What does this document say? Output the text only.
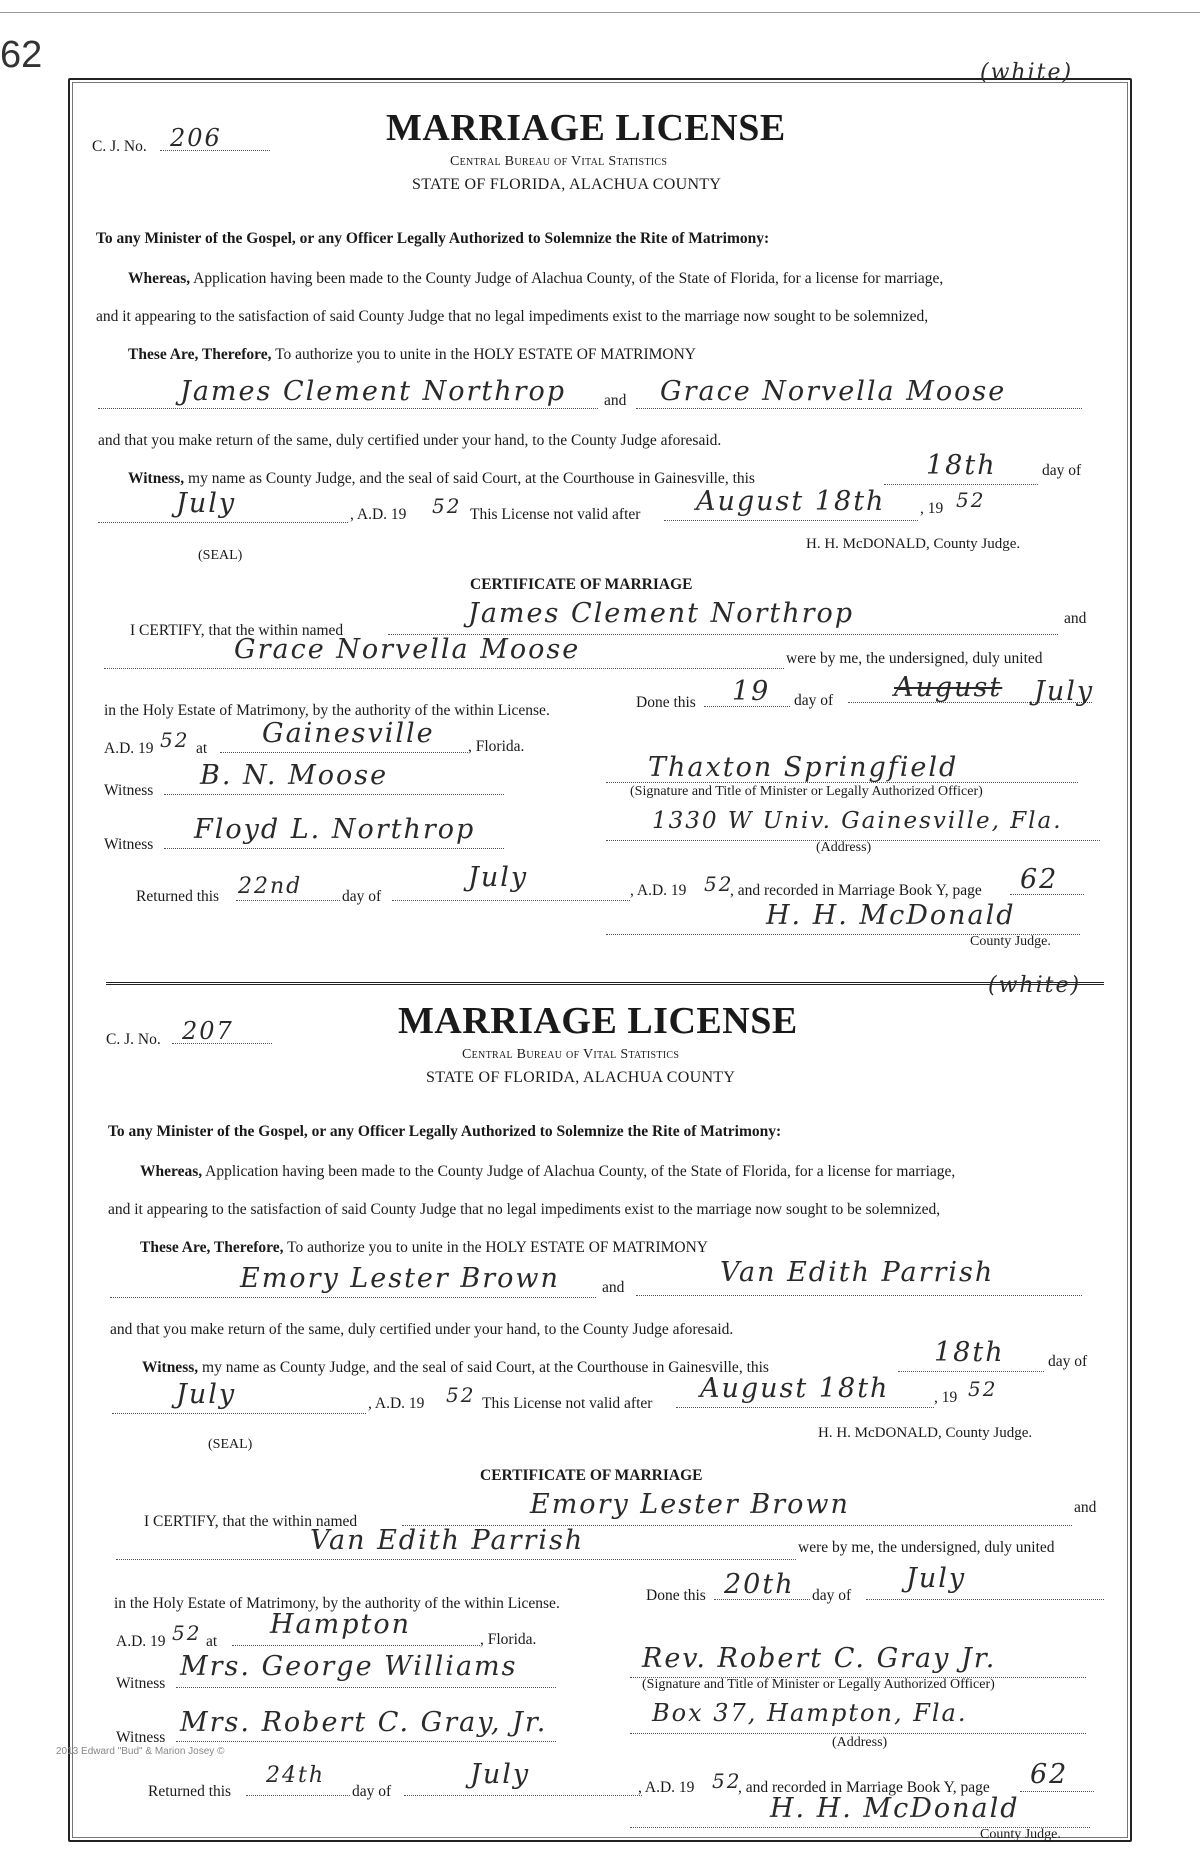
62	(white)
C. J. No. 206	MARRIAGE LICENSE
Central Bureau of Vital Statistics
STATE OF FLORIDA, ALACHUA COUNTY
To any Minister of the Gospel, or any Officer Legally Authorized to Solemnize the Rite of Matrimony:
Whereas, Application having been made to the County Judge of Alachua County, of the State of Florida, for a license for marriage,
and it appearing to the satisfaction of said County Judge that no legal impediments exist to the marriage now sought to be solemnized,
These Are, Therefore, To authorize you to unite in the HOLY ESTATE OF MATRIMONY
James Clement Northrop and Grace Norvella Moose
and that you make return of the same, duly certified under your hand, to the County Judge aforesaid.
Witness, my name as County Judge, and the seal of said Court, at the Courthouse in Gainesville, this	18th	day of
July	, A.D. 19 52 This License not valid after August 18th , 19 52
(SEAL)
H. H. McDONALD, County Judge.
CERTIFICATE OF MARRIAGE
I CERTIFY, that the within named
James Clement Northrop	and
Grace Norvella Moose	were by me, the undersigned, duly united
in the Holy Estate of Matrimony, by the authority of the within License.	Done this 19 day of August July
A.D. 19 52 at Gainesville , Florida.
Witness B. N. Moose	Thaxton Springfield
(Signature and Title of Minister or Legally Authorized Officer)
Witness Floyd L. Northrop	1330 W Univ. Gainesville, Fla.
(Address)
Returned this 22nd	day of
July	, A.D. 19 52
, and recorded in Marriage Book Y, page 62
H. H. McDonald
County Judge.
(white)
C. J. No. 207	MARRIAGE LICENSE
Central Bureau of Vital Statistics
STATE OF FLORIDA, ALACHUA COUNTY
To any Minister of the Gospel, or any Officer Legally Authorized to Solemnize the Rite of Matrimony:
Whereas, Application having been made to the County Judge of Alachua County, of the State of Florida, for a license for marriage,
and it appearing to the satisfaction of said County Judge that no legal impediments exist to the marriage now sought to be solemnized,
These Are, Therefore, To authorize you to unite in the HOLY ESTATE OF MATRIMONY
Emory Lester Brown	and	Van Edith Parrish
and that you make return of the same, duly certified under your hand, to the County Judge aforesaid.
Witness, my name as County Judge, and the seal of said Court, at the Courthouse in Gainesville, this	18th	day of
July	, A.D. 19 52 This License not valid after August 18th	, 19 52
(SEAL)
H. H. McDONALD, County Judge.
CERTIFICATE OF MARRIAGE
I CERTIFY, that the within named
Emory Lester Brown	and
Van Edith Parrish	were by me, the undersigned, duly united
in the Holy Estate of Matrimony, by the authority of the within License.	Done this 20th day of
July
A.D. 19 52 at
Hampton	, Florida.
Witness
Mrs. George Williams	Rev. Robert C. Gray Jr.
(Signature and Title of Minister or Legally Authorized Officer)
Witness Mrs. Robert C. Gray, Jr.	Box 37, Hampton, Fla.
(Address)
Returned this
24th
day of
July	, A.D. 19 52
, and recorded in Marriage Book Y, page 62
H. H. McDonald
County Judge.
2013 Edward "Bud" & Marion Josey ©
